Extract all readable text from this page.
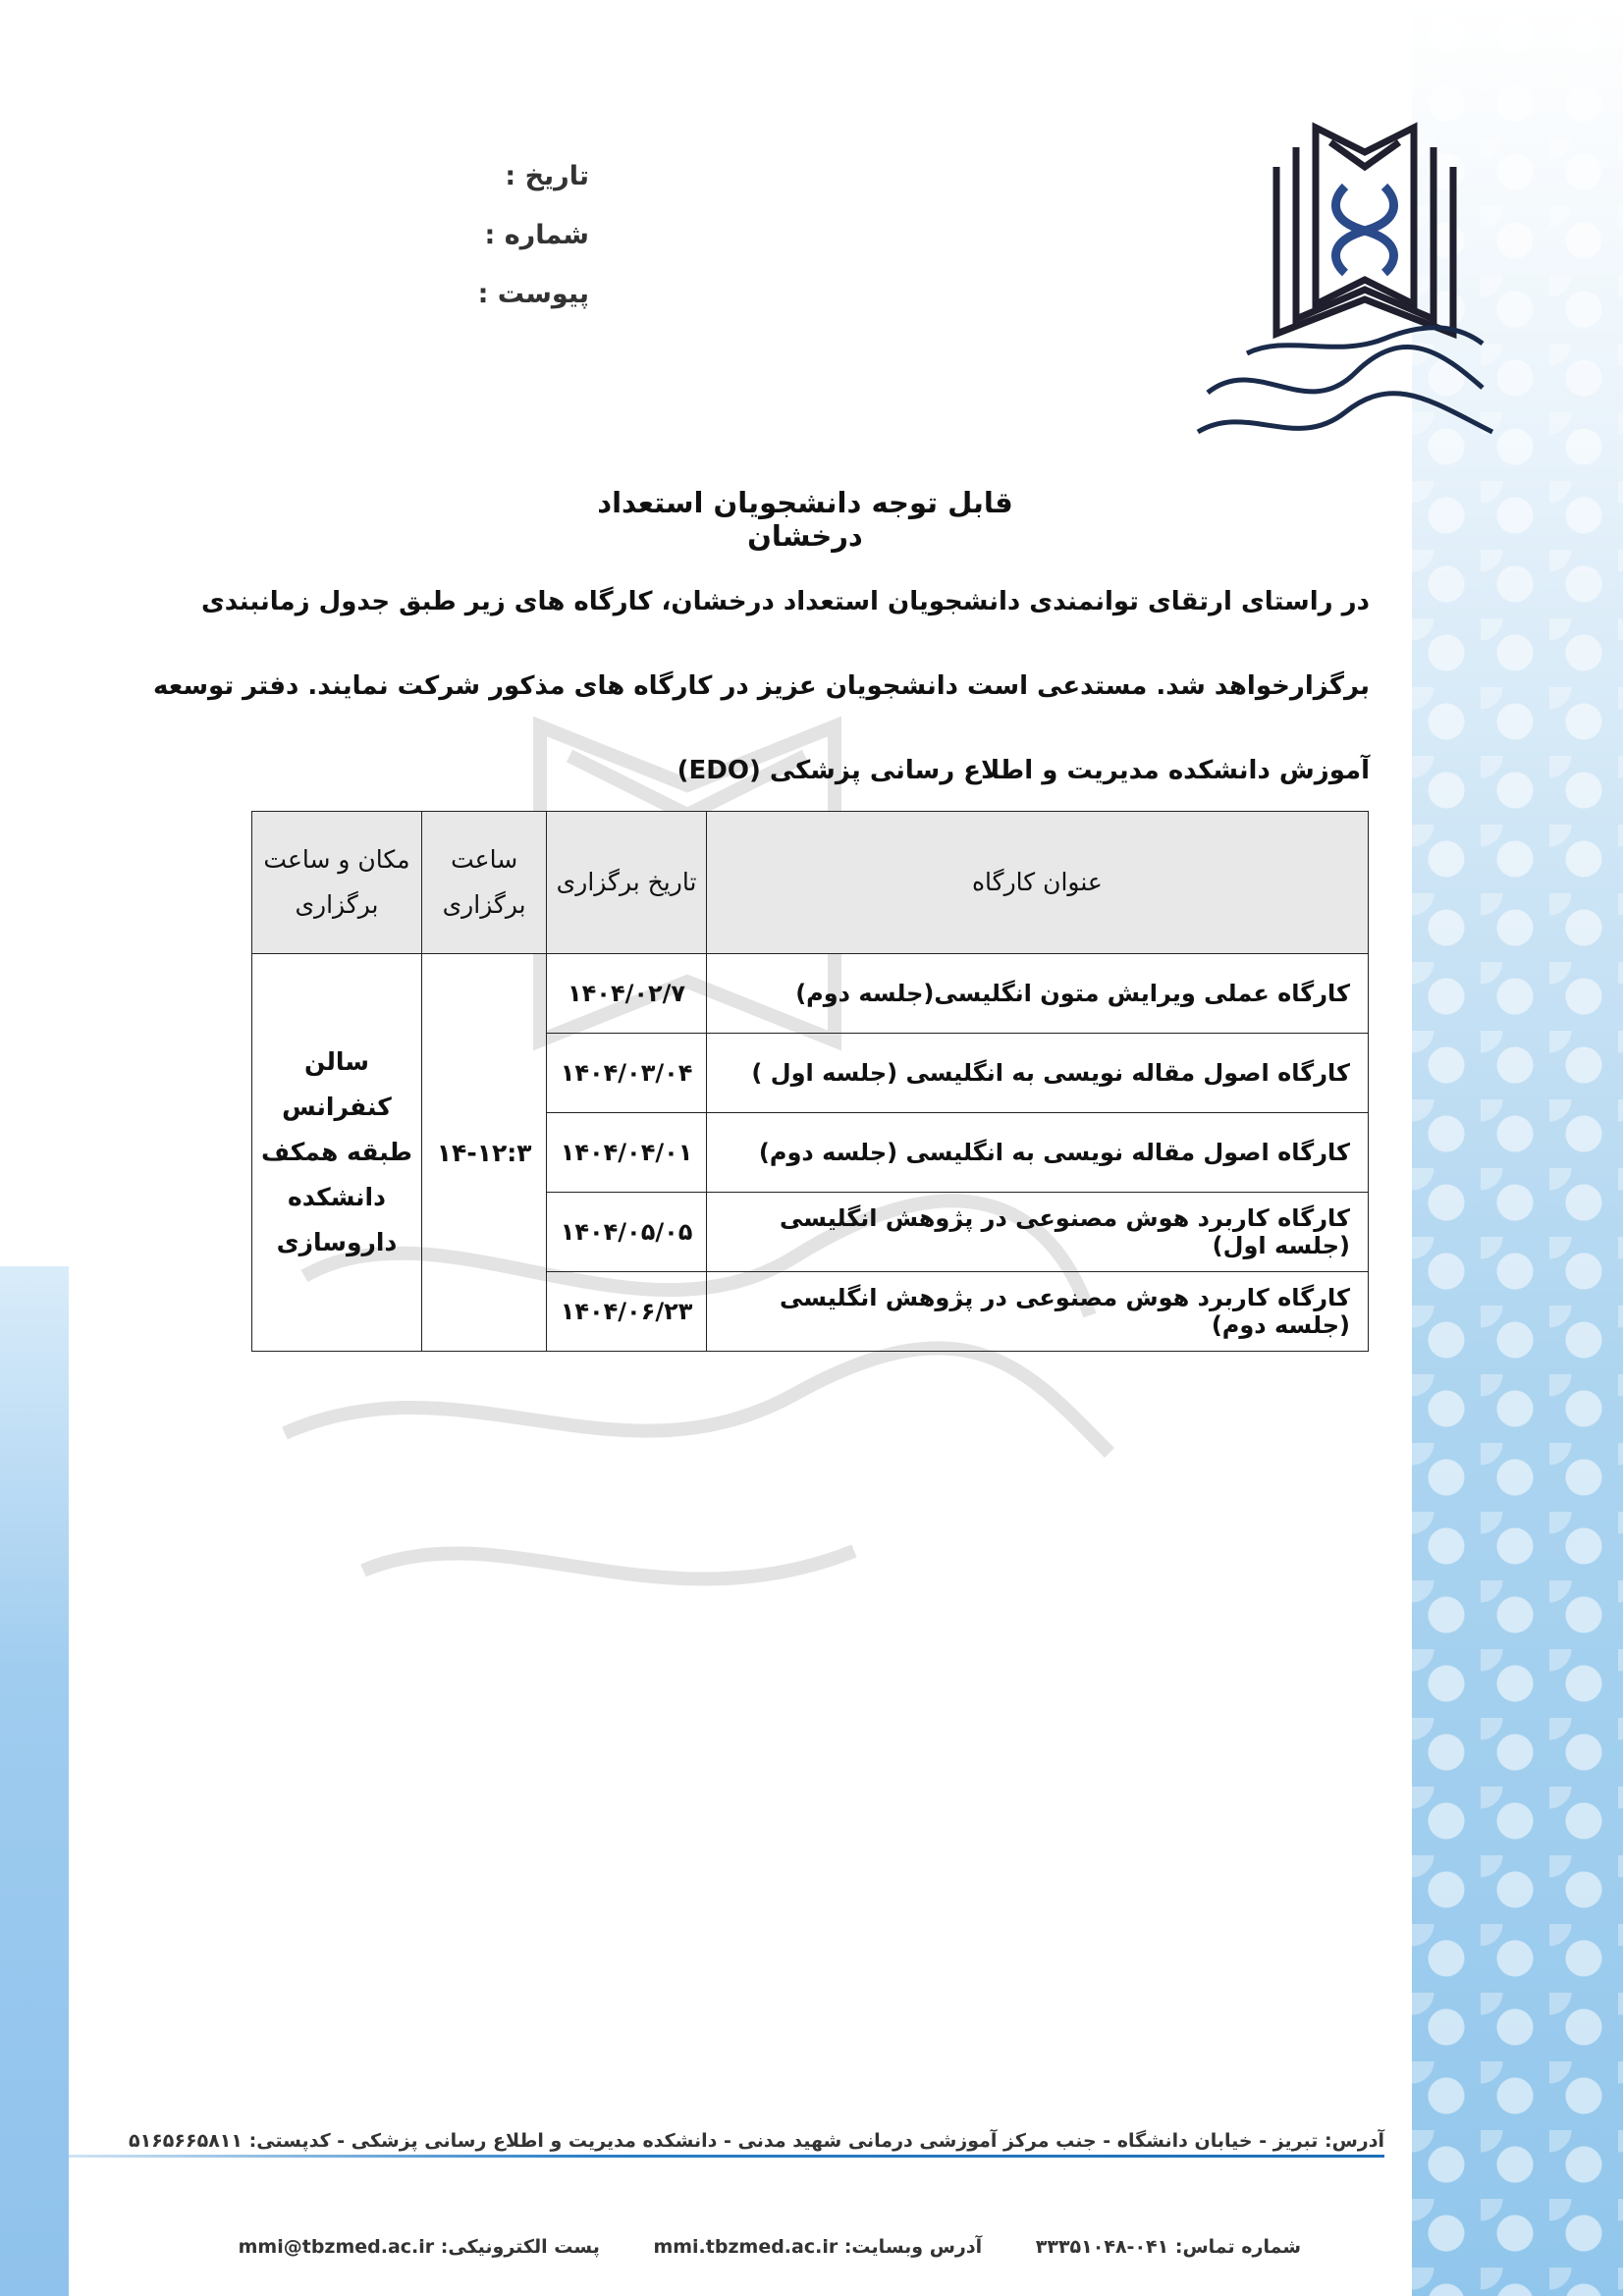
تاریخ :
شماره :
پیوست :
قابل توجه دانشجویان استعداد درخشان
در راستای ارتقای توانمندی دانشجویان استعداد درخشان، کارگاه های زیر طبق جدول زمانبندی
برگزارخواهد شد. مستدعی است دانشجویان عزیز در کارگاه های مذکور شرکت نمایند. دفتر توسعه
آموزش دانشکده مدیریت و اطلاع رسانی پزشکی (EDO)
عنوان کارگاه	تاریخ برگزاری	ساعت برگزاری	مکان و ساعت برگزاری
کارگاه عملی ویرایش متون انگلیسی(جلسه دوم)	۱۴۰۴/۰۲/۷	۱۴-۱۲:۳	سالن کنفرانس طبقه همکف دانشکده داروسازی
کارگاه اصول مقاله نویسی به انگلیسی (جلسه اول )	۱۴۰۴/۰۳/۰۴		
کارگاه اصول مقاله نویسی به انگلیسی (جلسه دوم)	۱۴۰۴/۰۴/۰۱		
کارگاه کاربرد هوش مصنوعی در پژوهش انگلیسی (جلسه اول)	۱۴۰۴/۰۵/۰۵		
کارگاه کاربرد هوش مصنوعی در پژوهش انگلیسی (جلسه دوم)	۱۴۰۴/۰۶/۲۳		
آدرس: تبریز - خیابان دانشگاه - جنب مرکز آموزشی درمانی شهید مدنی - دانشکده مدیریت و اطلاع رسانی پزشکی - کدپستی: ۵۱۶۵۶۶۵۸۱۱
شماره تماس: ۰۴۱-۳۳۳۵۱۰۴۸ آدرس وبسایت: mmi.tbzmed.ac.ir پست الکترونیکی: mmi@tbzmed.ac.ir
